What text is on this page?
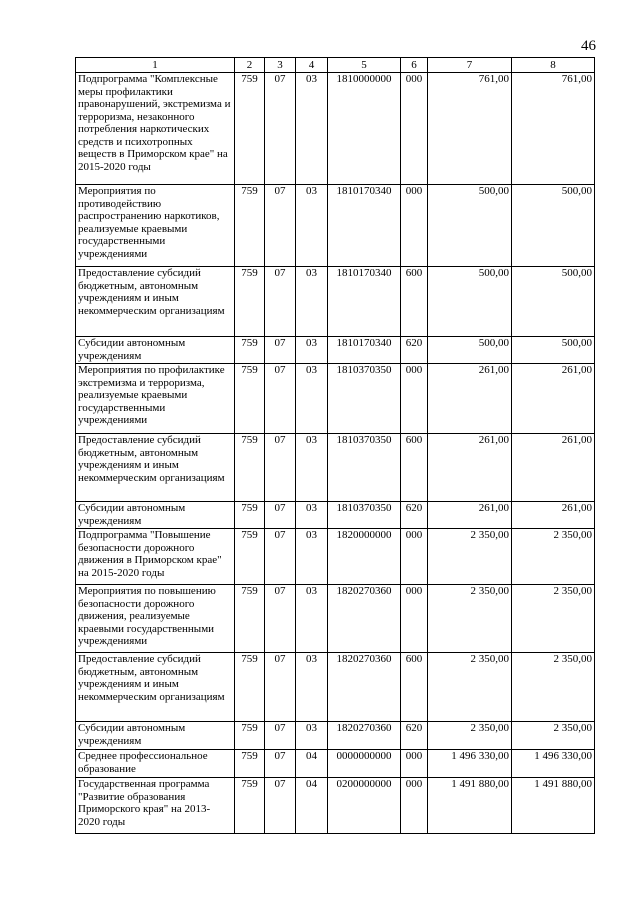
46
1	2	3	4	5	6	7	8
Подпрограмма "Комплексные меры профилактики правонарушений, экстремизма и терроризма, незаконного потребления наркотических средств и психотропных веществ в Приморском крае" на 2015-2020 годы	759	07	03	1810000000	000	761,00	761,00
Мероприятия по противодействию распространению наркотиков, реализуемые краевыми государственными учреждениями	759	07	03	1810170340	000	500,00	500,00
Предоставление субсидий бюджетным, автономным учреждениям и иным некоммерческим организациям	759	07	03	1810170340	600	500,00	500,00
Субсидии автономным учреждениям	759	07	03	1810170340	620	500,00	500,00
Мероприятия по профилактике экстремизма и терроризма, реализуемые краевыми государственными учреждениями	759	07	03	1810370350	000	261,00	261,00
Предоставление субсидий бюджетным, автономным учреждениям и иным некоммерческим организациям	759	07	03	1810370350	600	261,00	261,00
Субсидии автономным учреждениям	759	07	03	1810370350	620	261,00	261,00
Подпрограмма "Повышение безопасности дорожного движения в Приморском крае" на 2015-2020 годы	759	07	03	1820000000	000	2 350,00	2 350,00
Мероприятия по повышению безопасности дорожного движения, реализуемые краевыми государственными учреждениями	759	07	03	1820270360	000	2 350,00	2 350,00
Предоставление субсидий бюджетным, автономным учреждениям и иным некоммерческим организациям	759	07	03	1820270360	600	2 350,00	2 350,00
Субсидии автономным учреждениям	759	07	03	1820270360	620	2 350,00	2 350,00
Среднее профессиональное образование	759	07	04	0000000000	000	1 496 330,00	1 496 330,00
Государственная программа "Развитие образования Приморского края" на 2013-2020 годы	759	07	04	0200000000	000	1 491 880,00	1 491 880,00
